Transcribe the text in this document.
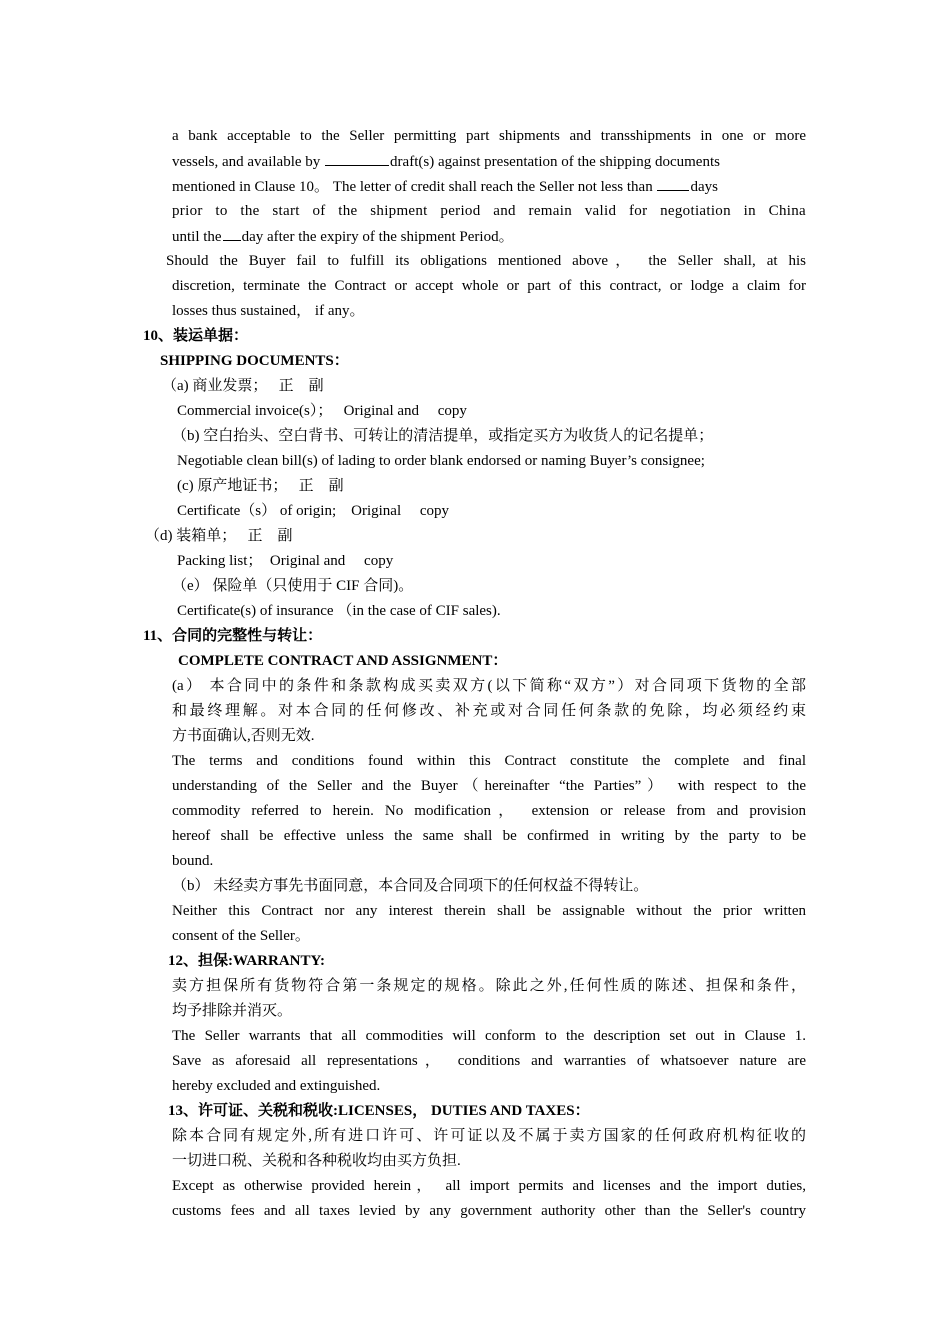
a bank acceptable to the Seller permitting part shipments and transshipments in one or more
vessels, and available by	draft(s) against presentation of the shipping documents
mentioned in Clause 10。 The letter of credit shall reach the Seller not less than	days
prior to the start of the shipment period and remain valid for negotiation in China
until the day after the expiry of the shipment Period。
Should the Buyer fail to fulfill its obligations mentioned above， the Seller shall, at his
discretion, terminate the Contract or accept whole or part of this contract, or lodge a claim for
losses thus sustained， if any。
10、装运单据：
SHIPPING DOCUMENTS：
（a) 商业发票；　 正　副
Commercial invoice(s）；　 Original and　 copy
（b) 空白抬头、空白背书、可转让的清洁提单，或指定买方为收货人的记名提单；
Negotiable clean bill(s) of lading to order blank endorsed or naming Buyer’s consignee;
(c) 原产地证书；　 正　副
Certificate（s） of origin;　Original　 copy
（d) 装箱单；　 正　副
Packing list；　Original and　 copy
（e） 保险单（只使用于 CIF 合同)。
Certificate(s) of insurance （in the case of CIF sales).
11、合同的完整性与转让：
COMPLETE CONTRACT AND ASSIGNMENT：
(a） 本合同中的条件和条款构成买卖双方(以下简称“双方”）对合同项下货物的全部
和最终理解。对本合同的任何修改、补充或对合同任何条款的免除，均必须经约束
方书面确认,否则无效.
The terms and conditions found within this Contract constitute the complete and final
understanding of the Seller and the Buyer（hereinafter “the Parties”） with respect to the
commodity referred to herein. No modification， extension or release from and provision
hereof shall be effective unless the same shall be confirmed in writing by the party to be
bound.
（b） 未经卖方事先书面同意，本合同及合同项下的任何权益不得转让。
Neither this Contract nor any interest therein shall be assignable without the prior written
consent of the Seller。
12、担保:WARRANTY:
卖方担保所有货物符合第一条规定的规格。除此之外,任何性质的陈述、担保和条件，
均予排除并消灭。
The Seller warrants that all commodities will conform to the description set out in Clause 1.
Save as aforesaid all representations， conditions and warranties of whatsoever nature are
hereby excluded and extinguished.
13、许可证、关税和税收:LICENSES， DUTIES AND TAXES：
除本合同有规定外,所有进口许可、许可证以及不属于卖方国家的任何政府机构征收的
一切进口税、关税和各种税收均由买方负担.
Except as otherwise provided herein， all import permits and licenses and the import duties,
customs fees and all taxes levied by any government authority other than the Seller's country
